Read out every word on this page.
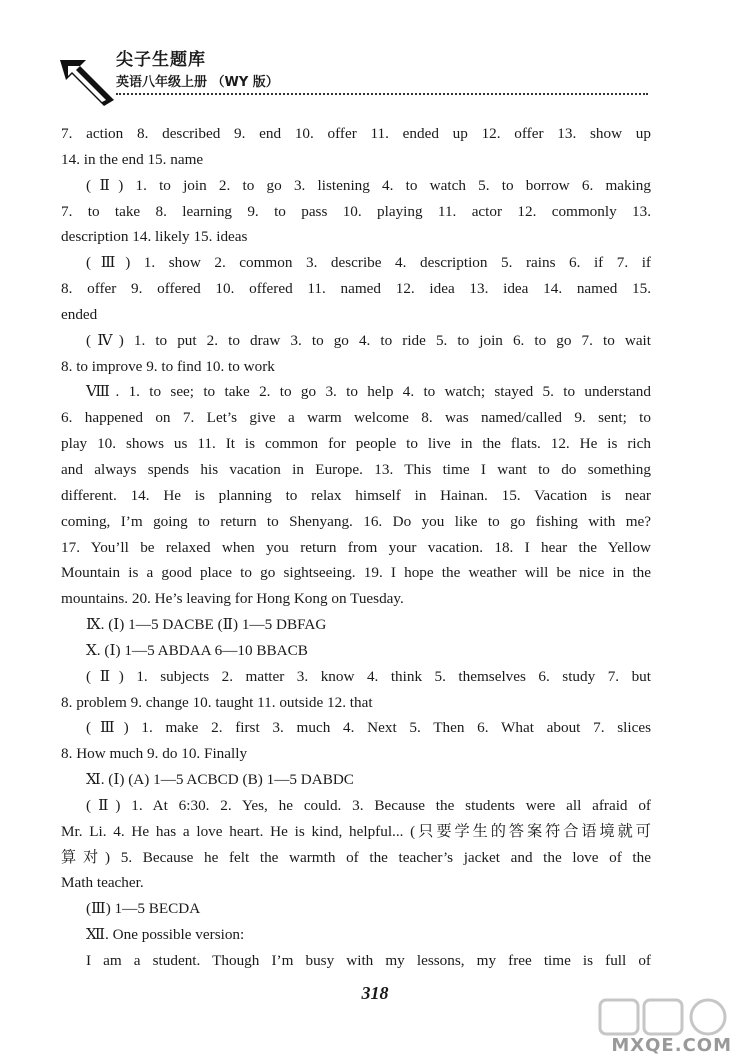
尖子生题库
英语八年级上册 （WY 版）
7. action 8. described 9. end 10. offer 11. ended up 12. offer 13. show up
14. in the end 15. name
(Ⅱ) 1. to join 2. to go 3. listening 4. to watch 5. to borrow 6. making
7. to take 8. learning 9. to pass 10. playing 11. actor 12. commonly 13.
description 14. likely 15. ideas
(Ⅲ) 1. show 2. common 3. describe 4. description 5. rains 6. if 7. if
8. offer 9. offered 10. offered 11. named 12. idea 13. idea 14. named 15.
ended
(Ⅳ) 1. to put 2. to draw 3. to go 4. to ride 5. to join 6. to go 7. to wait
8. to improve 9. to find 10. to work
Ⅷ. 1. to see; to take 2. to go 3. to help 4. to watch; stayed 5. to understand
6. happened on 7. Let’s give a warm welcome 8. was named/called 9. sent; to
play 10. shows us 11. It is common for people to live in the flats. 12. He is rich
and always spends his vacation in Europe. 13. This time I want to do something
different. 14. He is planning to relax himself in Hainan. 15. Vacation is near
coming, I’m going to return to Shenyang. 16. Do you like to go fishing with me?
17. You’ll be relaxed when you return from your vacation. 18. I hear the Yellow
Mountain is a good place to go sightseeing. 19. I hope the weather will be nice in the
mountains. 20. He’s leaving for Hong Kong on Tuesday.
Ⅸ. (Ⅰ) 1—5 DACBE (Ⅱ) 1—5 DBFAG
Ⅹ. (Ⅰ) 1—5 ABDAA 6—10 BBACB
(Ⅱ) 1. subjects 2. matter 3. know 4. think 5. themselves 6. study 7. but
8. problem 9. change 10. taught 11. outside 12. that
(Ⅲ) 1. make 2. first 3. much 4. Next 5. Then 6. What about 7. slices
8. How much 9. do 10. Finally
Ⅺ. (Ⅰ) (A) 1—5 ACBCD (B) 1—5 DABDC
(Ⅱ) 1. At 6:30. 2. Yes, he could. 3. Because the students were all afraid of
Mr. Li. 4. He has a love heart. He is kind, helpful... (只要学生的答案符合语境就可
算对) 5. Because he felt the warmth of the teacher’s jacket and the love of the
Math teacher.
(Ⅲ) 1—5 BECDA
Ⅻ. One possible version:
I am a student. Though I’m busy with my lessons, my free time is full of
318
MXQE.COM
